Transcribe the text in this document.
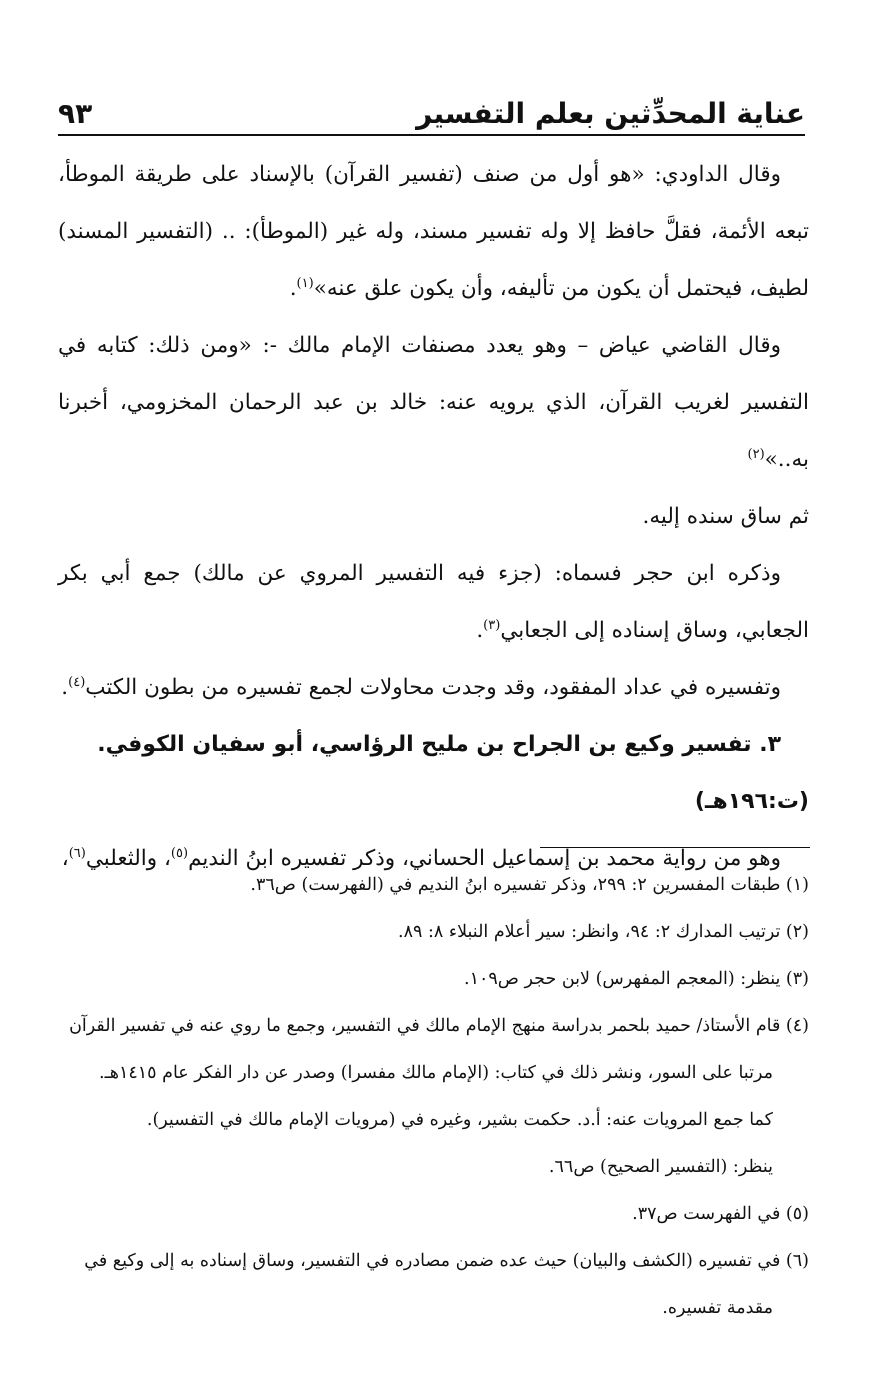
عناية المحدِّثين بعلم التفسير
٩٣

وقال الداودي: «هو أول من صنف (تفسير القرآن) بالإسناد على طريقة الموطأ، تبعه الأئمة، فقلَّ حافظ إلا وله تفسير مسند، وله غير (الموطأ): .. (التفسير المسند) لطيف، فيحتمل أن يكون من تأليفه، وأن يكون علق عنه»$^{(١)}$.

وقال القاضي عياض – وهو يعدد مصنفات الإمام مالك -: «ومن ذلك: كتابه في التفسير لغريب القرآن، الذي يرويه عنه: خالد بن عبد الرحمان المخزومي، أخبرنا به..»$^{(٢)}$
ثم ساق سنده إليه.

وذكره ابن حجر فسماه: (جزء فيه التفسير المروي عن مالك) جمع أبي بكر الجعابي، وساق إسناده إلى الجعابي$^{(٣)}$.

وتفسيره في عداد المفقود، وقد وجدت محاولات لجمع تفسيره من بطون الكتب$^{(٤)}$.

٣. تفسير وكيع بن الجراح بن مليح الرؤاسي، أبو سفيان الكوفي.
(ت:١٩٦هـ)

وهو من رواية محمد بن إسماعيل الحساني، وذكر تفسيره ابنُ النديم$^{(٥)}$، والثعلبي$^{(٦)}$،

(١) طبقات المفسرين ٢: ٢٩٩، وذكر تفسيره ابنُ النديم في (الفهرست) ص٣٦.

(٢) ترتيب المدارك ٢: ٩٤، وانظر: سير أعلام النبلاء ٨: ٨٩.

(٣) ينظر: (المعجم المفهرس) لابن حجر ص١٠٩.

(٤) قام الأستاذ/ حميد بلحمر بدراسة منهج الإمام مالك في التفسير، وجمع ما روي عنه في تفسير القرآن
مرتبا على السور، ونشر ذلك في كتاب: (الإمام مالك مفسرا) وصدر عن دار الفكر عام ١٤١٥هـ.
كما جمع المرويات عنه: أ.د. حكمت بشير، وغيره في (مرويات الإمام مالك في التفسير).
ينظر: (التفسير الصحيح) ص٦٦.

(٥) في الفهرست ص٣٧.

(٦) في تفسيره (الكشف والبيان) حيث عده ضمن مصادره في التفسير، وساق إسناده به إلى وكيع في
مقدمة تفسيره.
